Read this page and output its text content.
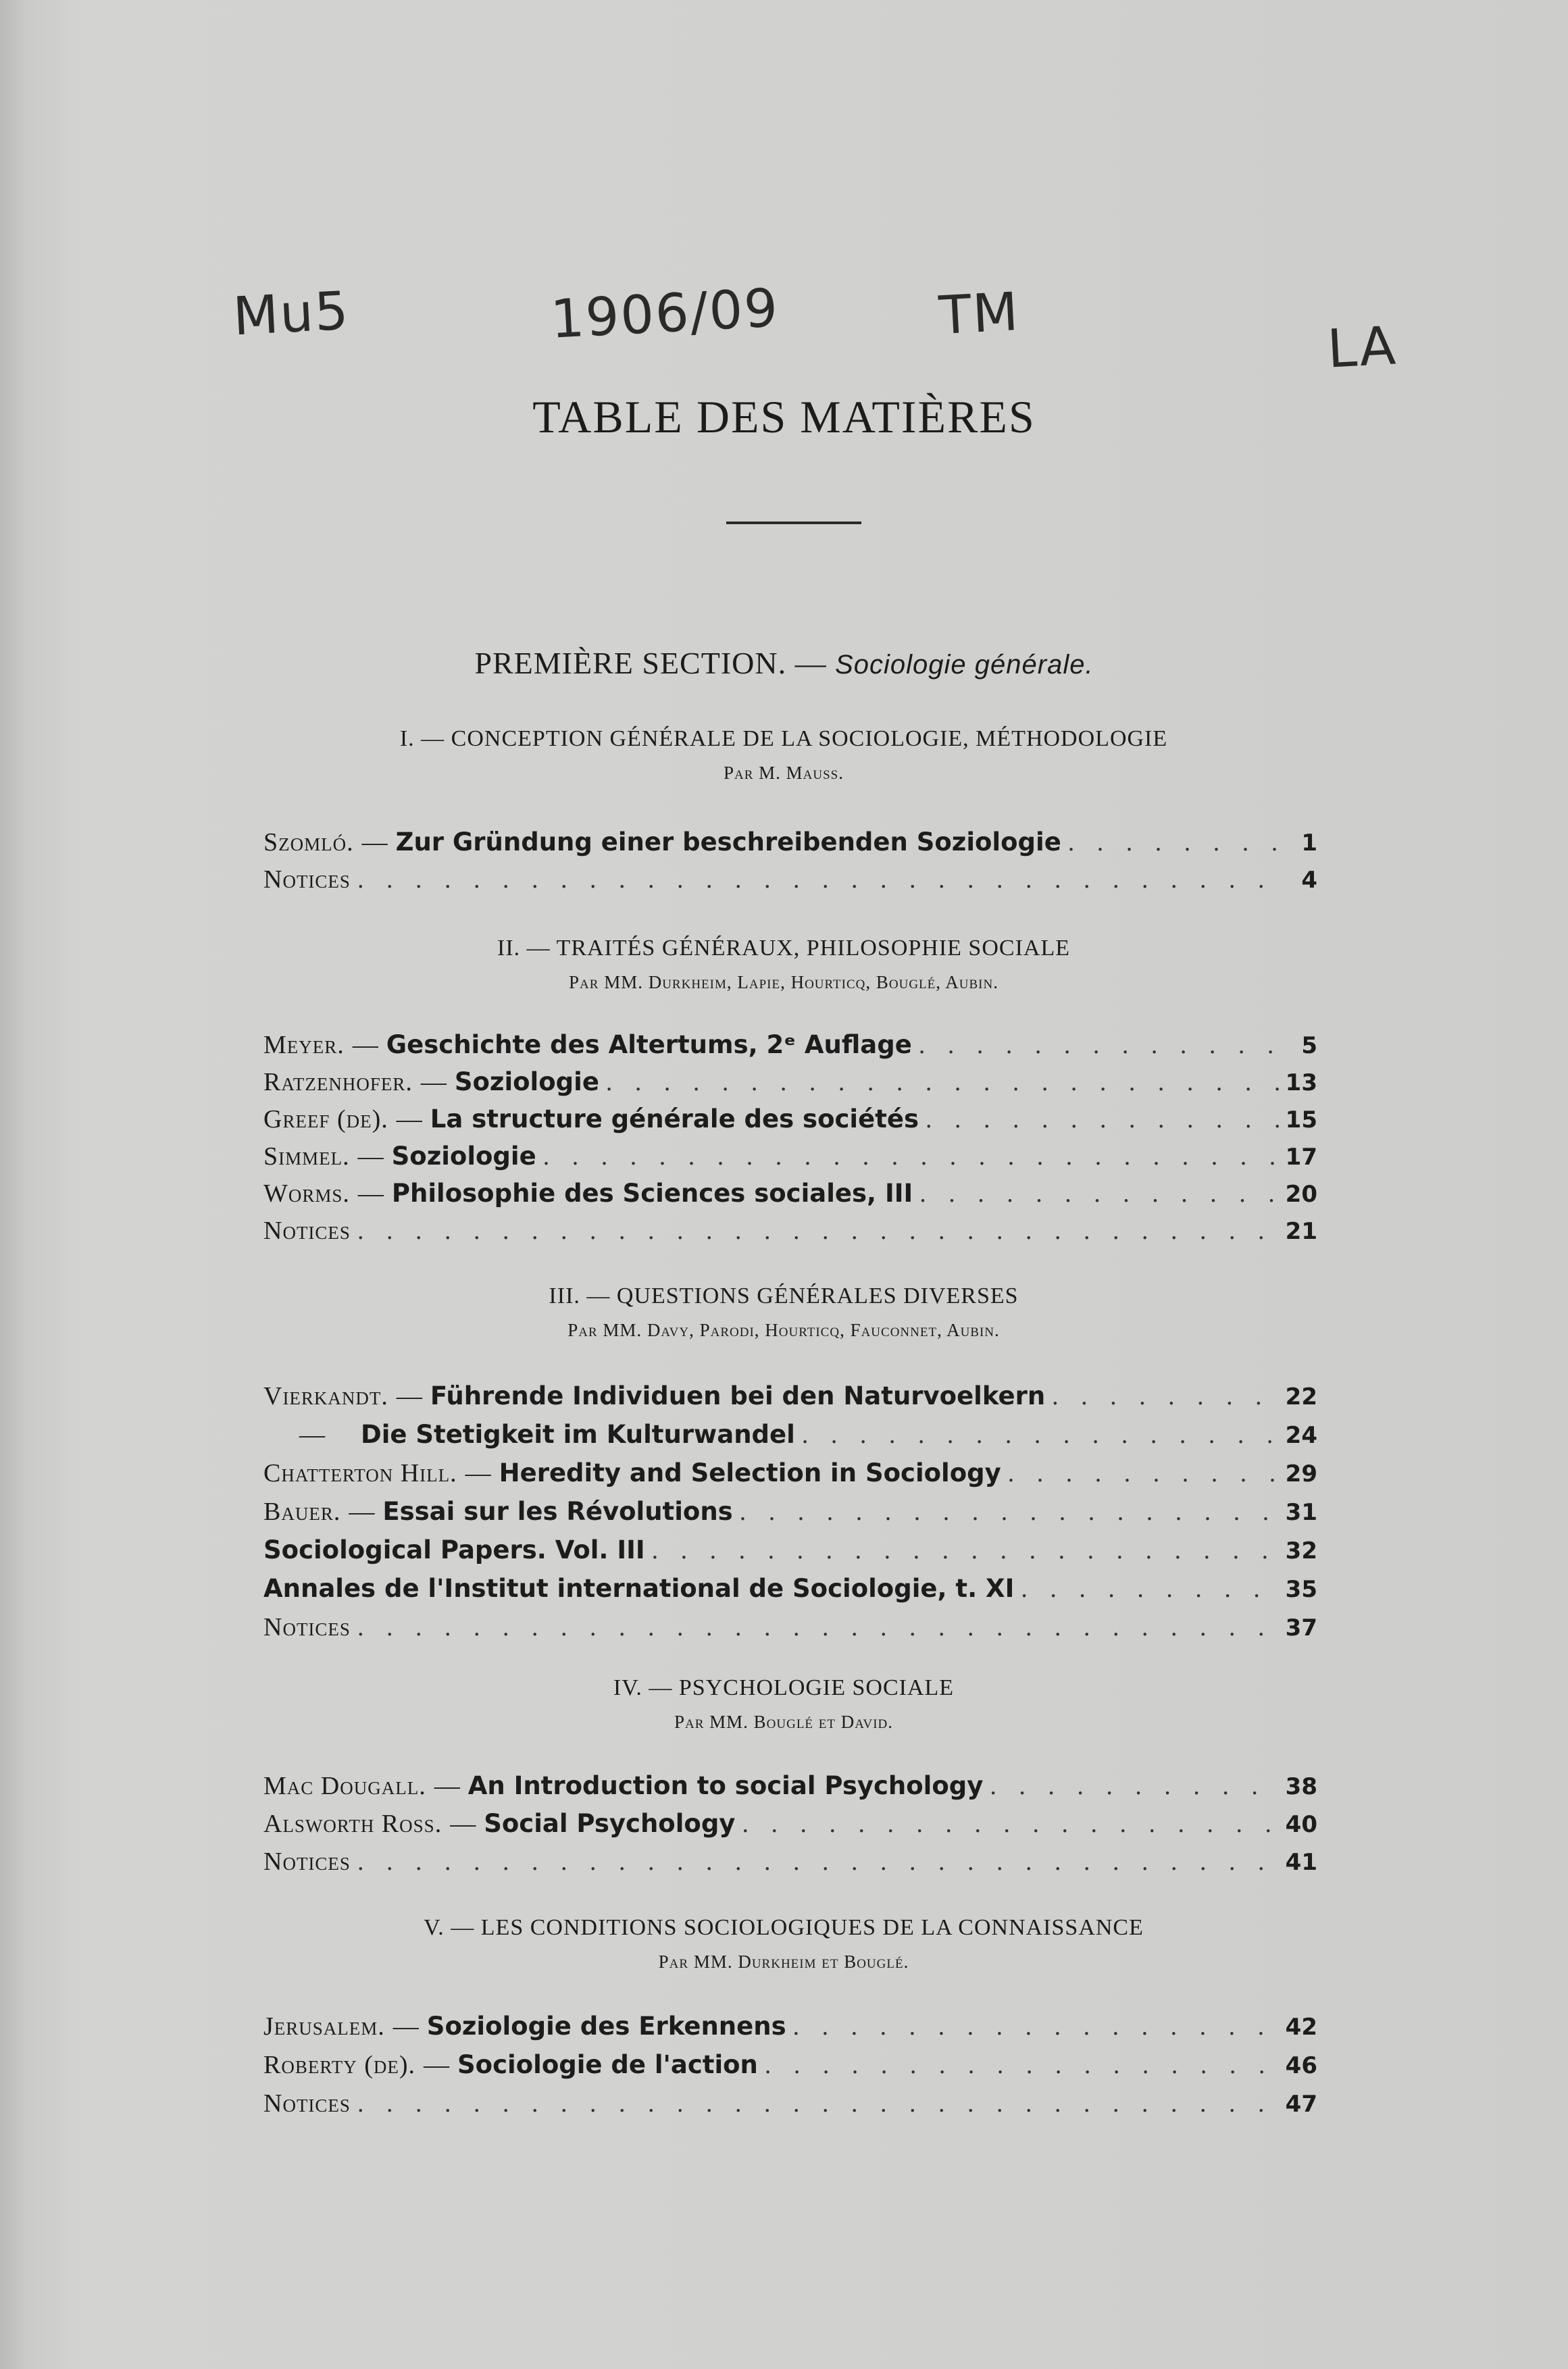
Mu5	1906/09	TM
LA
TABLE DES MATIÈRES
PREMIÈRE SECTION. — Sociologie générale.
I. — CONCEPTION GÉNÉRALE DE LA SOCIOLOGIE, MÉTHODOLOGIE
Par M. Mauss.
Szomló. — Zur Gründung einer beschreibenden Soziologie . . .	1
Notices . . .	4
II. — TRAITÉS GÉNÉRAUX, PHILOSOPHIE SOCIALE
Par MM. Durkheim, Lapie, Hourticq, Bouglé, Aubin.
Meyer. — Geschichte des Altertums, 2ᵉ Auflage . . .	5
Ratzenhofer. — Soziologie . . .	13
Greef (de). — La structure générale des sociétés . . .	15
Simmel. — Soziologie . . .	17
Worms. — Philosophie des Sciences sociales, III . . .	20
Notices . . .	21
III. — QUESTIONS GÉNÉRALES DIVERSES
Par MM. Davy, Parodi, Hourticq, Fauconnet, Aubin.
Vierkandt. — Führende Individuen bei den Naturvoelkern . . .	22
—	Die Stetigkeit im Kulturwandel . . .	24
Chatterton Hill. — Heredity and Selection in Sociology . . .	29
Bauer. — Essai sur les Révolutions . . .	31
Sociological Papers. Vol. III . . .	32
Annales de l'Institut international de Sociologie, t. XI . . .	35
Notices . . .	37
IV. — PSYCHOLOGIE SOCIALE
Par MM. Bouglé et David.
Mac Dougall. — An Introduction to social Psychology . . .	38
Alsworth Ross. — Social Psychology . . .	40
Notices . . .	41
V. — LES CONDITIONS SOCIOLOGIQUES DE LA CONNAISSANCE
Par MM. Durkheim et Bouglé.
Jerusalem. — Soziologie des Erkennens . . .	42
Roberty (de). — Sociologie de l'action . . .	46
Notices . . .	47
